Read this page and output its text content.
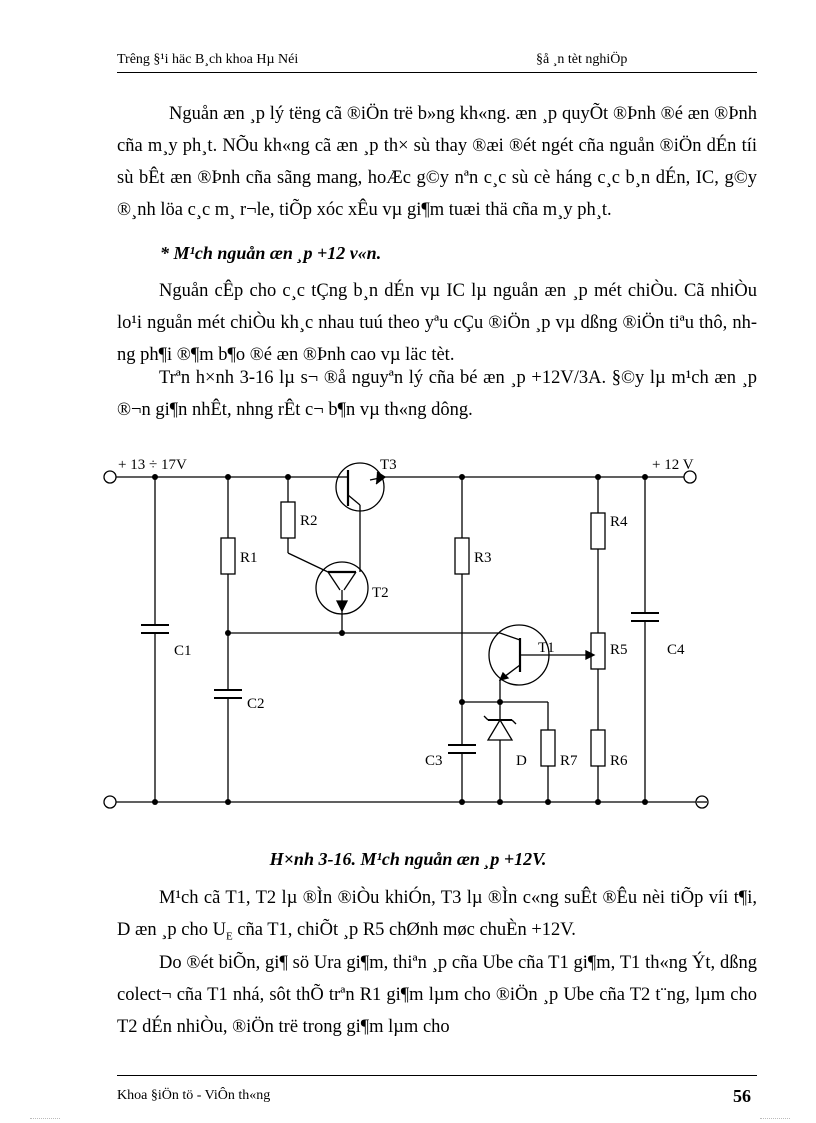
Trêng §¹i häc B¸ch khoa Hµ Néi	§å ¸n tèt nghiÖp

Nguån æn ¸p lý tëng cã ®iÖn trë b»ng kh«ng. æn ¸p quyÕt ®Þnh ®é æn ®Þnh cña m¸y ph¸t. NÕu kh«ng cã æn ¸p th× sù thay ®æi ®ét ngét cña nguån ®iÖn dÉn tíi sù bÊt æn ®Þnh cña sãng mang, hoÆc g©y nªn c¸c sù cè háng c¸c b¸n dÉn, IC, g©y ®¸nh löa c¸c m¸ r¬le, tiÕp xóc xÊu vµ gi¶m tuæi thä cña m¸y ph¸t.

* M¹ch nguån æn ¸p +12 v«n.

Nguån cÊp cho c¸c tÇng b¸n dÉn vµ IC lµ nguån æn ¸p mét chiÒu. Cã nhiÒu lo¹i nguån mét chiÒu kh¸c nhau tuú theo yªu cÇu ®iÖn ¸p vµ dßng ®iÖn tiªu thô, nhng ph¶i ®¶m b¶o ®é æn ®Þnh cao vµ läc tèt.

Trªn h×nh 3-16 lµ s¬ ®å nguyªn lý cña bé æn ¸p +12V/3A. §©y lµ m¹ch æn ¸p ®¬n gi¶n nhÊt, nhng rÊt c¬ b¶n vµ th«ng dông.

+ 13 ÷ 17V	+ 12 V
R1
R2
R3
R4
R5
R6
R7
C1
C2
C3
C4
T1
T2
T3
D
H×nh 3-16. M¹ch nguån æn ¸p +12V.

M¹ch cã T1, T2 lµ ®Ìn ®iÒu khiÓn, T3 lµ ®Ìn c«ng suÊt ®Êu nèi tiÕp víi t¶i, D æn ¸p cho $U_E$ cña T1, chiÕt ¸p R5 chØnh møc chuÈn +12V.

Do ®ét biÕn, gi¶ sö Ura gi¶m, thiªn ¸p cña Ube cña T1 gi¶m, T1 th«ng Ýt, dßng colect¬ cña T1 nhá, sôt thÕ trªn R1 gi¶m lµm cho ®iÖn ¸p Ube cña T2 t¨ng, lµm cho T2 dÉn nhiÒu, ®iÖn trë trong gi¶m lµm cho

Khoa §iÖn tö - ViÔn th«ng	56
